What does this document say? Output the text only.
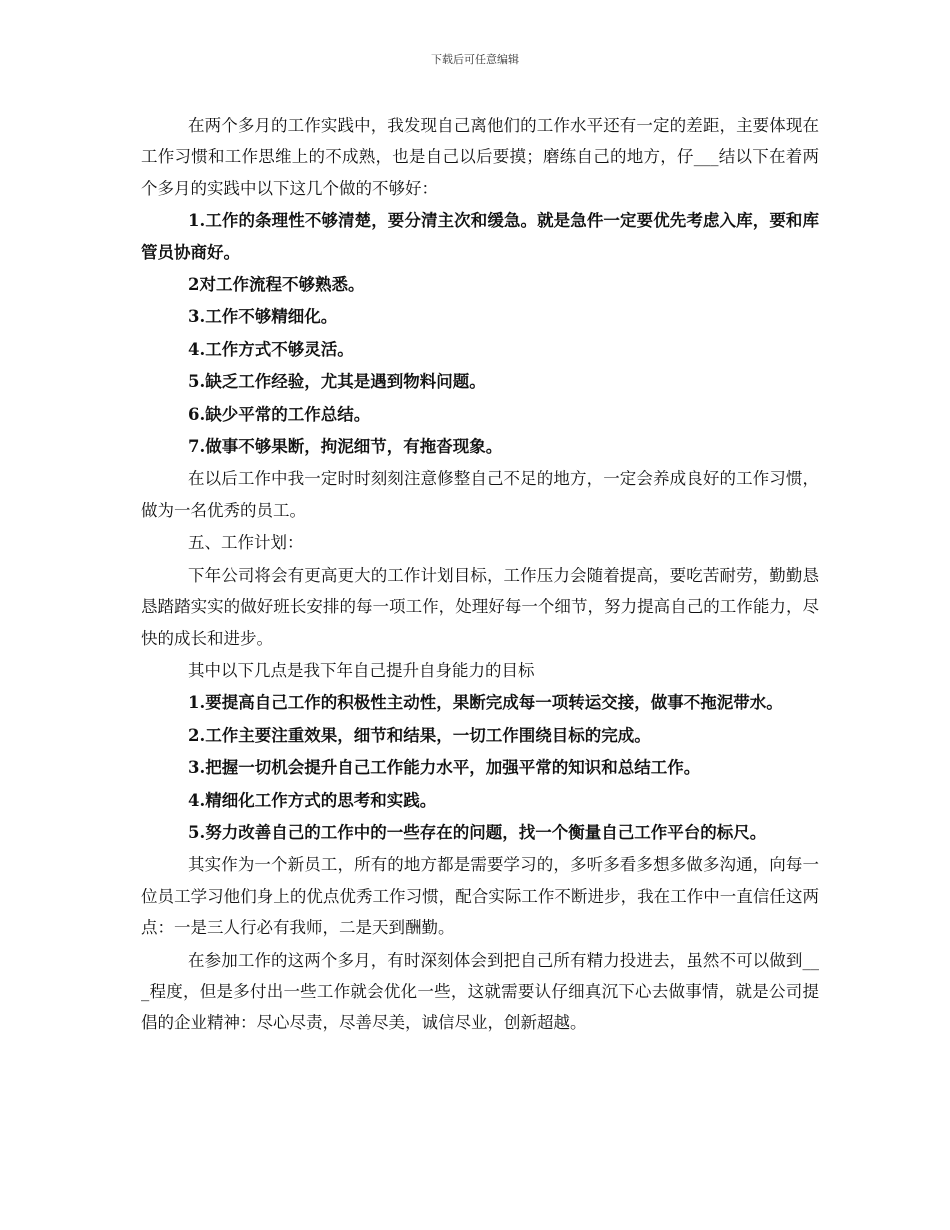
下载后可任意编辑

在两个多月的工作实践中，我发现自己离他们的工作水平还有一定的差距，主要体现在工作习惯和工作思维上的不成熟，也是自己以后要摸；磨练自己的地方，仔___结以下在着两个多月的实践中以下这几个做的不够好：

1.工作的条理性不够清楚，要分清主次和缓急。就是急件一定要优先考虑入库，要和库管员协商好。

2对工作流程不够熟悉。

3.工作不够精细化。

4.工作方式不够灵活。

5.缺乏工作经验，尤其是遇到物料问题。

6.缺少平常的工作总结。

7.做事不够果断，拘泥细节，有拖沓现象。

在以后工作中我一定时时刻刻注意修整自己不足的地方，一定会养成良好的工作习惯，做为一名优秀的员工。

五、工作计划：

下年公司将会有更高更大的工作计划目标，工作压力会随着提高，要吃苦耐劳，勤勤恳恳踏踏实实的做好班长安排的每一项工作，处理好每一个细节，努力提高自己的工作能力，尽快的成长和进步。

其中以下几点是我下年自己提升自身能力的目标

1.要提高自己工作的积极性主动性，果断完成每一项转运交接，做事不拖泥带水。

2.工作主要注重效果，细节和结果，一切工作围绕目标的完成。

3.把握一切机会提升自己工作能力水平，加强平常的知识和总结工作。

4.精细化工作方式的思考和实践。

5.努力改善自己的工作中的一些存在的问题，找一个衡量自己工作平台的标尺。

其实作为一个新员工，所有的地方都是需要学习的，多听多看多想多做多沟通，向每一位员工学习他们身上的优点优秀工作习惯，配合实际工作不断进步，我在工作中一直信任这两点：一是三人行必有我师，二是天到酬勤。

在参加工作的这两个多月，有时深刻体会到把自己所有精力投进去，虽然不可以做到___程度，但是多付出一些工作就会优化一些，这就需要认仔细真沉下心去做事情，就是公司提倡的企业精神：尽心尽责，尽善尽美，诚信尽业，创新超越。
